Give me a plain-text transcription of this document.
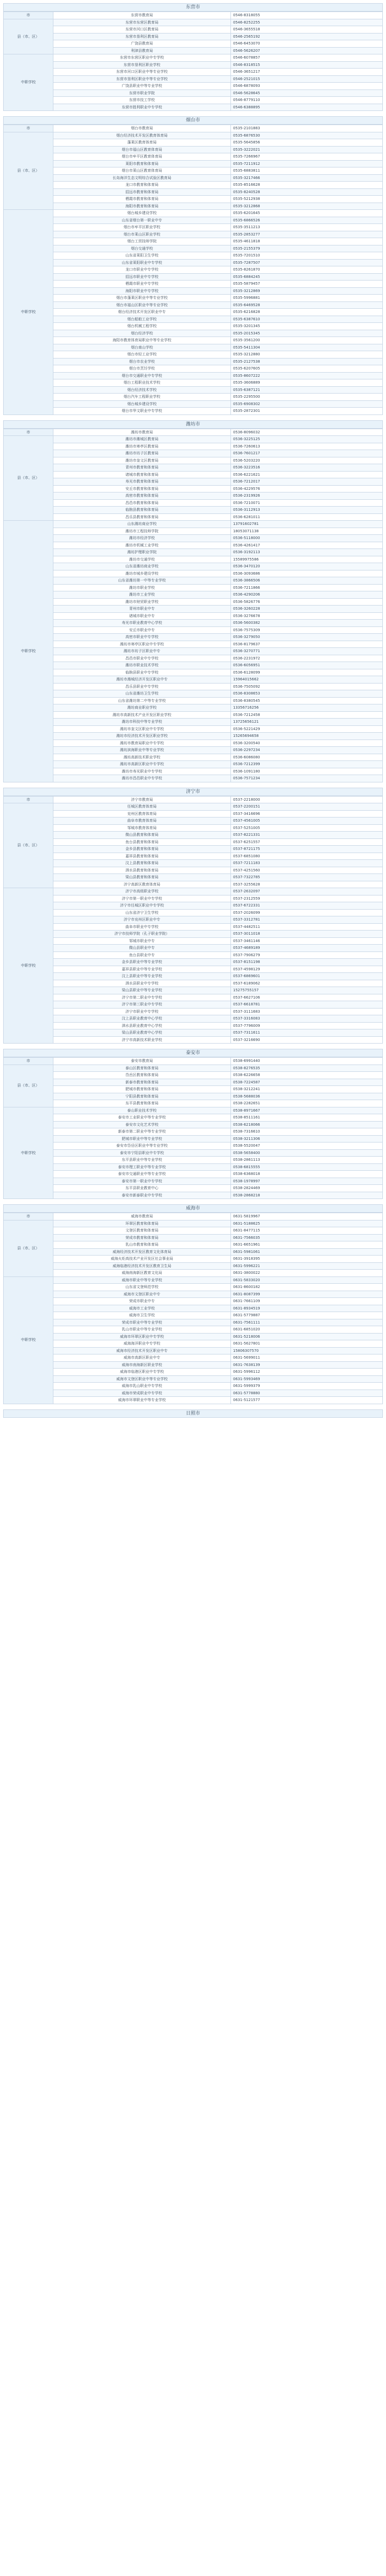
东营市
市	东营市教育局	0546-8318055
县（市、区）	东营市东营区教育局	0546-8252255
	东营市河口区教育局	0546-3655518
	东营市垦利区教育局	0546-2565192
	广饶县教育局	0546-6453070
	利津县教育局	0546-5626207
中职学校	东营市东营区职业中专学校	0546-6078857
	东营市垦利区职业学校	0546-8318515
	东营市河口区职业中等专业学校	0546-3651217
	东营市垦利区职业中等专业学校	0546-2521015
	广饶县职业中等专业学校	0546-6878093
	东营市职业学院	0546-5628645
	东营市技工学校	0546-8779110
	东营市胜利职业中专学校	0546-6388895
烟台市
市	烟台市教育局	0535-2101883
县（市、区）	烟台经济技术开发区教育体育局	0535-6876530
	蓬莱区教育体育局	0535-5645856
	烟台市福山区教育体育局	0535-3222021
	烟台市牟平区教育体育局	0535-7266967
	莱阳市教育和体育局	0535-7211912
	烟台市莱山区教育体育局	0535-6883811
	长岛海洋生态文明综合试验区教育局	0535-3217466
	龙口市教育和体育局	0535-8516628
	招远市教育和体育局	0535-8240528
	栖霞市教育和体育局	0535-5212938
	海阳市教育和体育局	0535-3212868
中职学校	烟台城乡建设学校	0535-6201645
	山东省烟台第一职业中专	0535-6866526
	烟台市牟平区职业学校	0535-3511213
	烟台市莱山区职业学校	0535-2853277
	烟台工贸技师学院	0535-4611818
	烟台交通学校	0535-2155379
	山东省莱阳卫生学校	0535-7201510
	山东省莱阳职业中专学校	0535-7287507
	龙口市职业中专学校	0535-8261870
	招远市职业中专学校	0535-6884245
	栖霞市职业中专学校	0535-5879457
	海阳市职业中专学校	0535-3212869
	烟台市蓬莱区职业中等专业学校	0535-5996881
	烟台市福山区职业中等专业学校	0535-6469528
	烟台经济技术开发区职业中专	0535-6216828
	烟台船舶工业学校	0535-6387610
	烟台机械工程学校	0535-3201345
	烟台经济学校	0535-2015345
	海阳市教育体育局职业中等专业学校	0535-3561200
	烟台南山学校	0535-5411304
	烟台市轻工业学校	0535-3212880
	烟台市农业学校	0535-2127538
	烟台市烹饪学校	0535-6207605
	烟台市交通职业中专学校	0535-8607222
	烟台工程职业技术学校	0535-3606889
	烟台经济技术学校	0535-6387121
	烟台汽车工程职业学校	0535-2295500
	烟台城乡建设学校	0535-6908302
	烟台市华文职业中专学校	0535-2872301
潍坊市
市	潍坊市教育局	0536-8096032
县（市、区）	潍坊市潍城区教育局	0536-3225125
	潍坊市寒亭区教育局	0536-7260613
	潍坊市坊子区教育局	0536-7601217
	潍坊市奎文区教育局	0536-5203220
	青州市教育和体育局	0536-3223516
	诸城市教育和体育局	0536-6221621
	寿光市教育和体育局	0536-7212017
	安丘市教育和体育局	0536-4229576
	高密市教育和体育局	0536-2319926
	昌邑市教育和体育局	0536-7210071
	临朐县教育和体育局	0536-3112913
	昌乐县教育和体育局	0536-6281011
中职学校	山东潍坊商业学校	13791602781
	潍坊市工程技师学院	18053071138
	潍坊市经济学校	0536-5118000
	潍坊市机械工业学校	0536-4261417
	潍坊护理职业学院	0536-3192113
	潍坊市交通学校	15589975586
	山东省潍坊商业学校	0536-3470120
	潍坊市城乡建设学校	0536-3093686
	山东省潍坊第一中等专业学校	0536-3866506
	潍坊市职业学校	0536-7211866
	潍坊市工业学校	0536-4290206
	潍坊市财贸职业学校	0536-5826776
	青州市职业中专	0536-3260228
	诸城市职业中专	0536-3276678
	寿光市职业教育中心学校	0536-5600382
	安丘市职业中专	0536-7575309
	高密市职业中专学校	0536-3279050
	潍坊市寒亭区职业中专学校	0536-8179637
	潍坊市坊子区职业中专	0536-3270771
	昌邑市职业中专学校	0536-2231972
	潍坊市职业技术学校	0536-6056951
	临朐县职业中专学校	0536-6128099
	潍坊市潍城经济开发区职业中专	15964015662
	昌乐县职业中专学校	0536-7505092
	山东省潍坊卫生学校	0536-8308653
	山东省潍坊第二中等专业学校	0536-8380545
	潍坊商业职业学校	13356716256
	潍坊市高新技术产业开发区职业学校	0536-7212458
	潍坊市科技中等专业学校	13725656121
	潍坊市奎文区职业中专学校	0536-5221429
	潍坊市经济技术开发区职业学校	15265694658
	潍坊市教育局职业中专学校	0536-3200540
	潍坊滨海职业中等专业学校	0536-2297234
	潍坊高新技术职业学校	0536-6086080
	潍坊市高新区职业中专学校	0536-7212399
	潍坊市寿光职业中专学校	0536-1091180
	潍坊市昌邑职业中专学校	0536-7571234
济宁市
市	济宁市教育局	0537-2218000
县（市、区）	任城区教育体育局	0537-2200151
	兖州区教育体育局	0537-3416696
	曲阜市教育体育局	0537-4561005
	邹城市教育体育局	0537-5251005
	微山县教育和体育局	0537-8221331
	鱼台县教育和体育局	0537-6251557
	金乡县教育和体育局	0537-8721175
	嘉祥县教育和体育局	0537-6851080
	汶上县教育和体育局	0537-7211183
	泗水县教育和体育局	0537-4251560
	梁山县教育和体育局	0537-7322785
	济宁高新区教育体育局	0537-3255628
中职学校	济宁市高级职业学校	0537-2632097
	济宁市第一职业中专学校	0537-2312559
	济宁市任城区职业中专学校	0537-6722331
	山东省济宁卫生学校	0537-2026099
	济宁市兖州区职业中专	0537-3312781
	曲阜市职业中专学校	0537-4482511
	济宁市技师学院（孔子职业学院）	0537-3011018
	邹城市职业中专	0537-3461146
	微山县职业中专	0537-4689189
	鱼台县职业中专	0537-7906279
	金乡县职业中等专业学校	0537-8151198
	嘉祥县职业中等专业学校	0537-4598129
	汶上县职业中等专业学校	0537-6869601
	泗水县职业中专学校	0537-6189062
	梁山县职业中等专业学校	15275755157
	济宁市第二职业中专学校	0537-6627106
	济宁市第三职业中专学校	0537-6618781
	济宁市职业中专学校	0537-3111683
	汶上县职业教育中心学校	0537-3316083
	泗水县职业教育中心学校	0537-7796009
	梁山县职业教育中心学校	0537-7311611
	济宁市高新技术职业学校	0537-3216690
泰安市
市	泰安市教育局	0538-6991440
县（市、区）	泰山区教育和体育局	0538-8276535
	岱岳区教育和体育局	0538-6226658
	新泰市教育和体育局	0538-7224587
	肥城市教育和体育局	0538-3212241
	宁阳县教育和体育局	0538-5688036
	东平县教育和体育局	0538-2282651
中职学校	泰山职业技术学校	0538-8971667
	泰安市工业职业中等专业学校	0538-8511161
	泰安市文化艺术学校	0538-6218066
	新泰市第二职业中等专业学校	0538-7316610
	肥城市职业中等专业学校	0538-3211306
	泰安市岱岳区职业中等专业学校	0538-5520047
	泰安市宁阳县职业中专学校	0538-5658400
	东平县职业中等专业学校	0538-2861113
	泰安市理工职业中等专业学校	0538-6815555
	泰安市交通职业中等专业学校	0538-6368018
	泰安市第一职业中专学校	0538-1978997
	东平县职业教育中心	0538-2824469
	泰安市新泰职业中专学校	0538-2868218
威海市
市	威海市教育局	0631-5819967
县（市、区）	环翠区教育和体育局	0631-5188625
	文登区教育和体育局	0631-8477115
	荣成市教育和体育局	0631-7566035
	乳山市教育和体育局	0631-6651961
	威海经济技术开发区教育文化体育局	0631-5981061
	威海火炬高技术产业开发区社会事业局	0631-3918395
	威海临港经济技术开发区教育卫生局	0631-5996221
	威海南海新区教育文化局	0631-3800022
中职学校	威海市职业中等专业学校	0631-5833020
	山东省文登师范学校	0631-8600182
	威海市文登区职业中专	0631-8087399
	荣成市职业中专	0631-7661109
	威海市工业学校	0631-8934519
	威海市卫生学校	0631-5779887
	荣成市职业中等专业学校	0631-7561111
	乳山市职业中等专业学校	0631-6851020
	威海市环翠区职业中专学校	0631-5218006
	威海海洋职业中专学校	0631-5627801
	威海市经济技术开发区职业中专	15806307570
	威海市高新区职业中专	0631-5699011
	威海市南海新区职业学校	0631-7638139
	威海市临港区职业中专学校	0631-5996112
	威海市文登区职业中等专业学校	0631-5993469
	威海市乳山职业中专学校	0631-5999379
	威海市荣成职业中专学校	0631-5778880
	威海市环翠职业中等专业学校	0631-5121577
日照市
